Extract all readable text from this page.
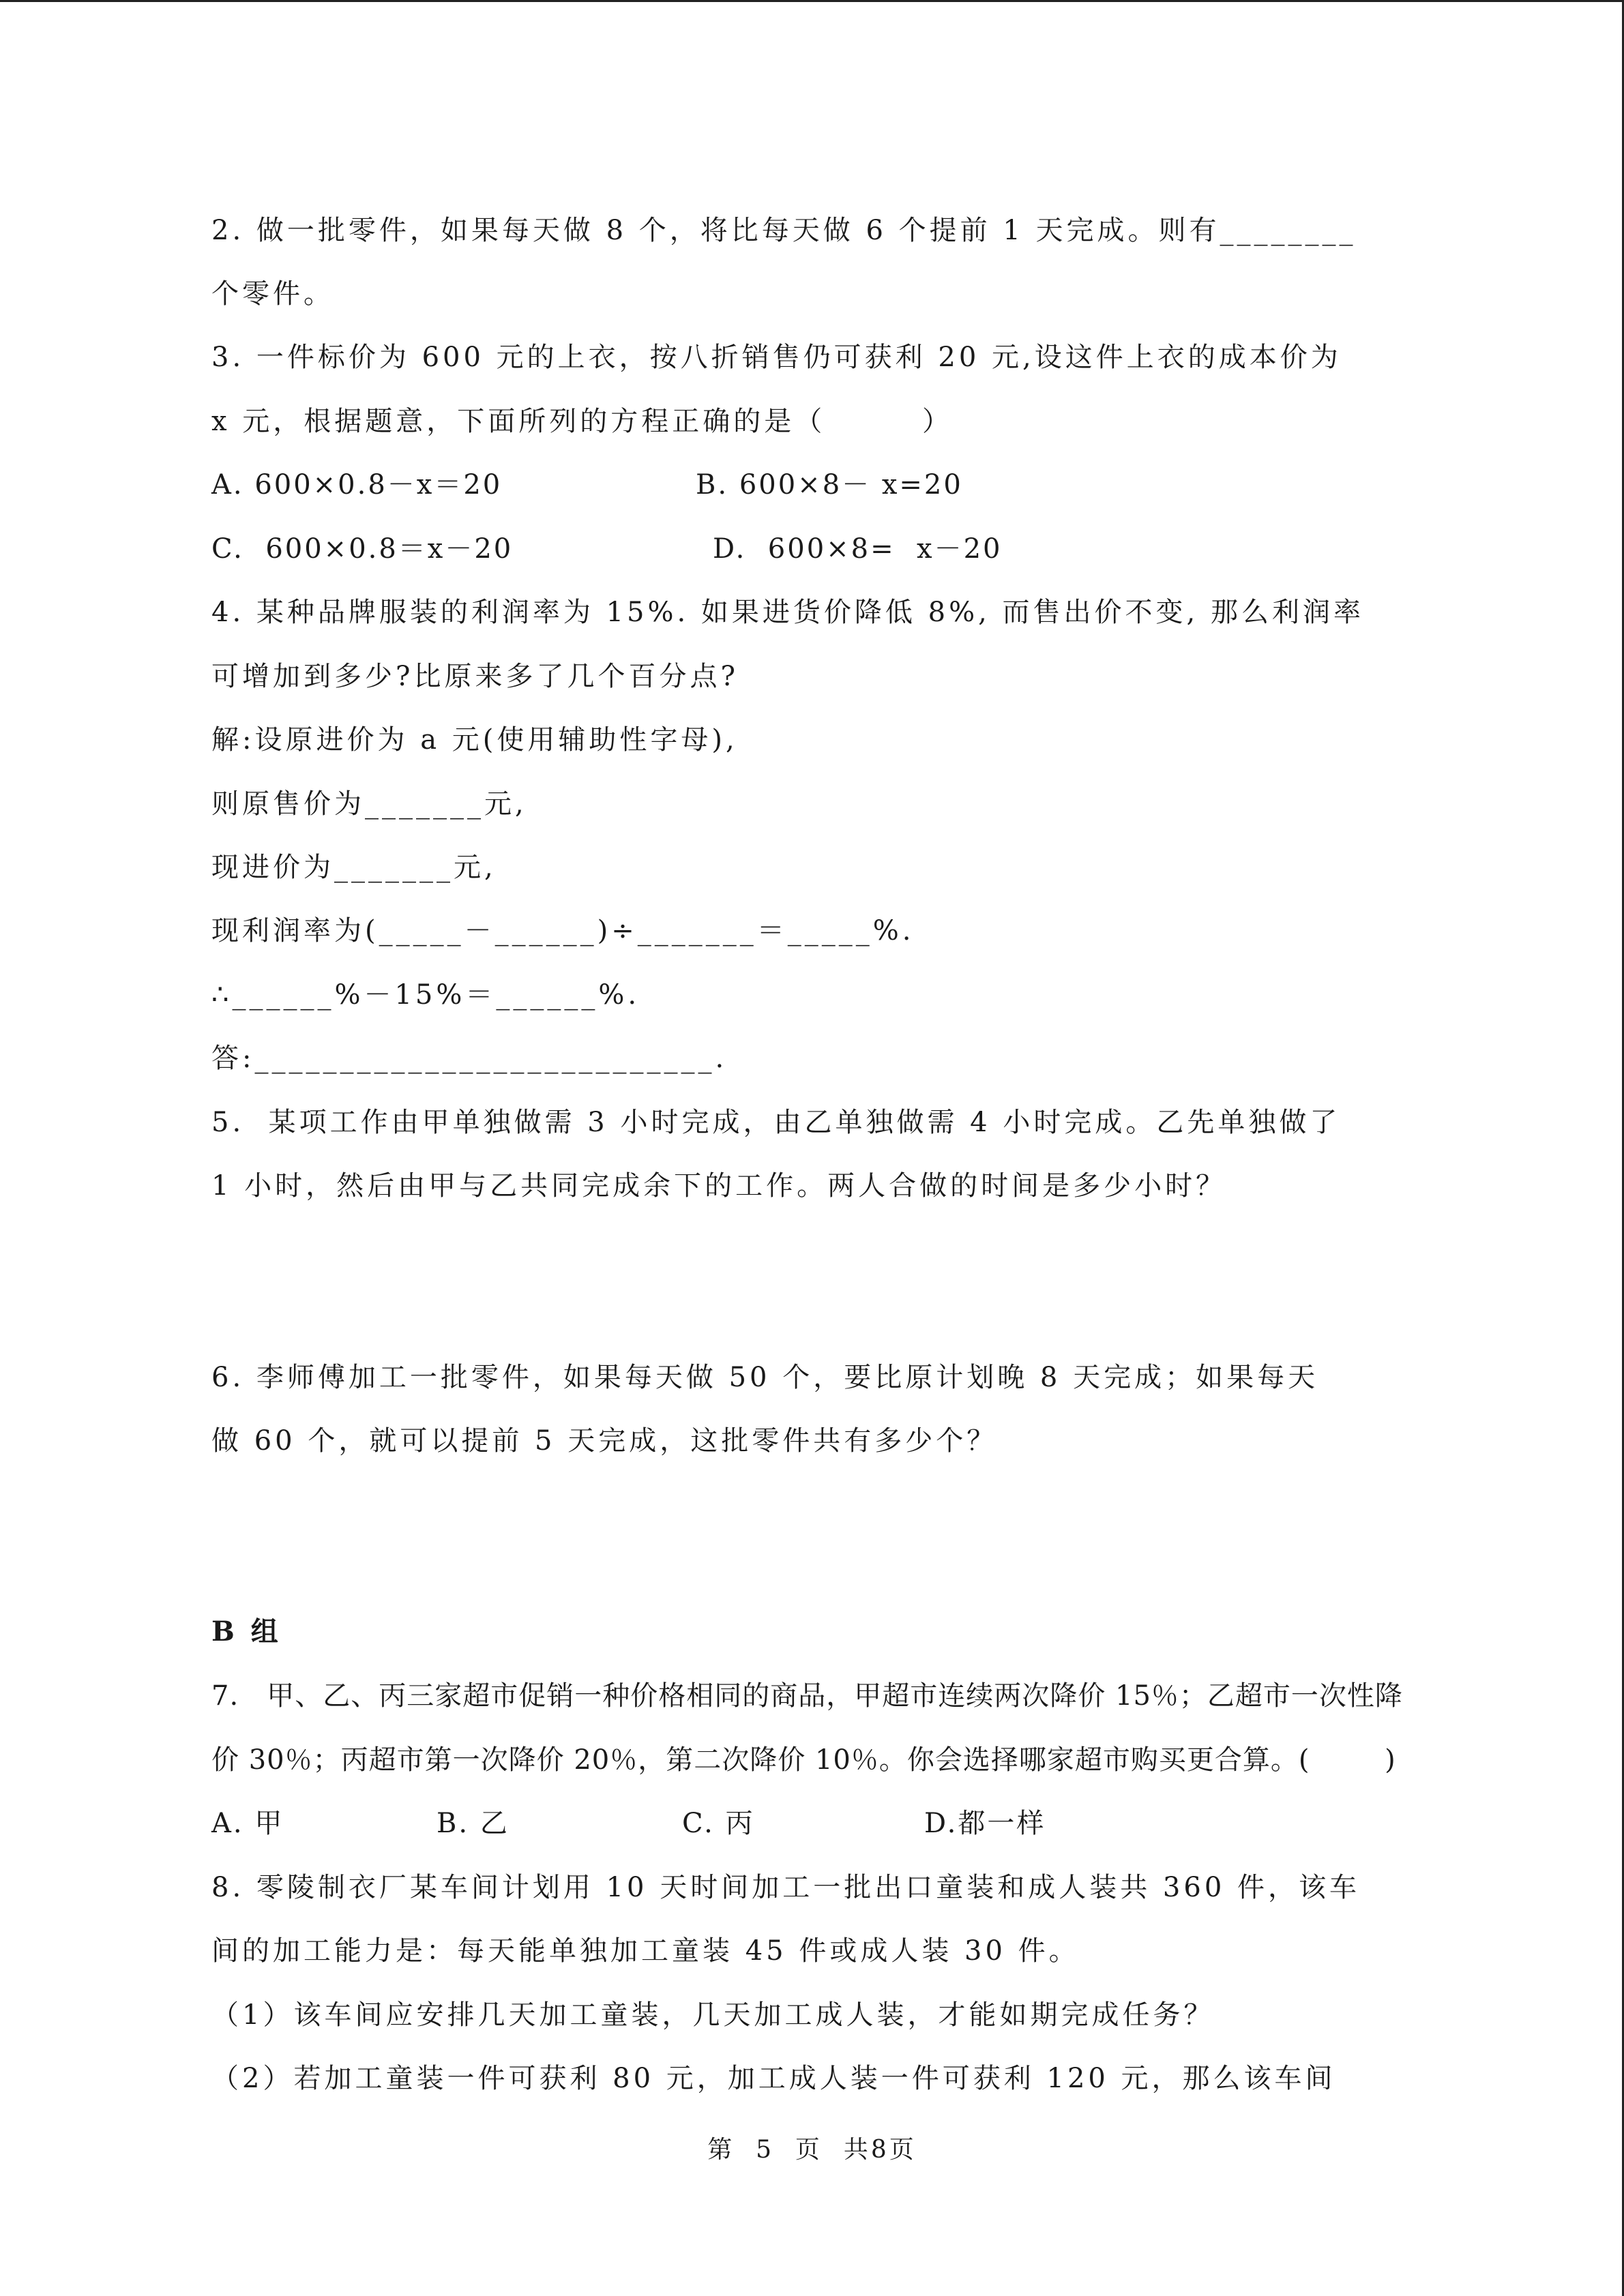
2. 做一批零件，如果每天做 8 个，将比每天做 6 个提前 1 天完成。则有________
个零件。
3. 一件标价为 600 元的上衣，按八折销售仍可获利 20 元,设这件上衣的成本价为
x 元，根据题意，下面所列的方程正确的是（        ）
A. 600×0.8－x＝20	B. 600×8－ x=20
C.  600×0.8＝x－20	D.  600×8=  x－20
4. 某种品牌服装的利润率为 15%. 如果进货价降低 8%, 而售出价不变, 那么利润率
可增加到多少?比原来多了几个百分点?
解:设原进价为 a 元(使用辅助性字母),
则原售价为_______元,
现进价为_______元,
现利润率为(_____－______)÷_______＝_____%.
∴______%－15%＝______%.
答:___________________________.
5.  某项工作由甲单独做需 3 小时完成，由乙单独做需 4 小时完成。乙先单独做了
1 小时，然后由甲与乙共同完成余下的工作。两人合做的时间是多少小时？
6. 李师傅加工一批零件，如果每天做 50 个，要比原计划晚 8 天完成；如果每天
做 60 个，就可以提前 5 天完成，这批零件共有多少个？
B 组
7.   甲、乙、丙三家超市促销一种价格相同的商品，甲超市连续两次降价 15％；乙超市一次性降
价 30％；丙超市第一次降价 20％，第二次降价 10％。你会选择哪家超市购买更合算。(        )
A. 甲	B. 乙	C. 丙	D.都一样
8. 零陵制衣厂某车间计划用 10 天时间加工一批出口童装和成人装共 360 件，该车
间的加工能力是：每天能单独加工童装 45 件或成人装 30 件。
（1）该车间应安排几天加工童装，几天加工成人装，才能如期完成任务？
（2）若加工童装一件可获利 80 元，加工成人装一件可获利 120 元，那么该车间
第  5  页  共8页
